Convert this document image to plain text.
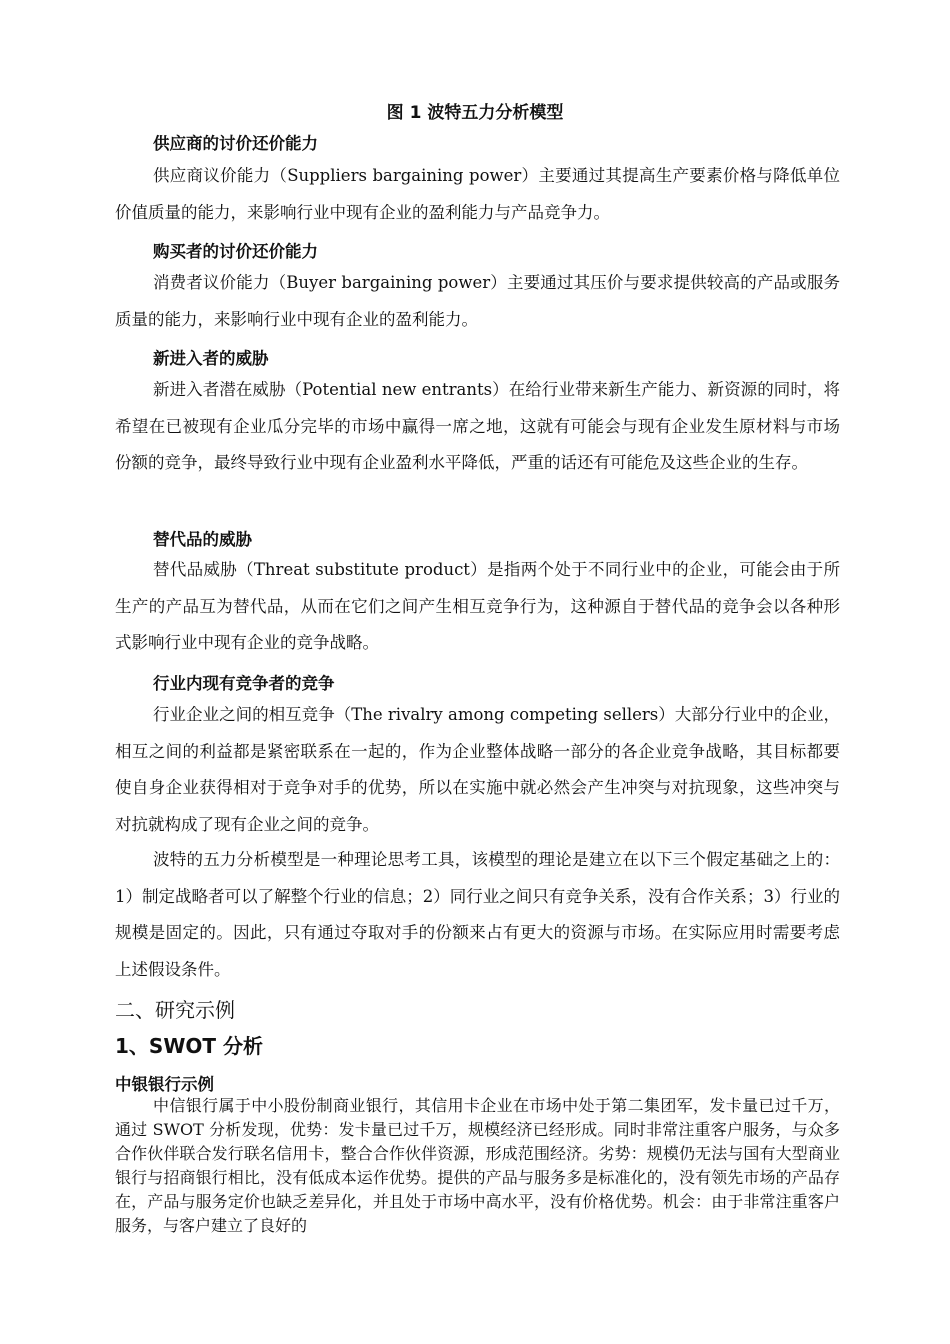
图 1 波特五力分析模型
供应商的讨价还价能力

供应商议价能力（Suppliers bargaining power）主要通过其提高生产要素价格与降低单位价值质量的能力，来影响行业中现有企业的盈利能力与产品竞争力。

购买者的讨价还价能力

消费者议价能力（Buyer bargaining power）主要通过其压价与要求提供较高的产品或服务质量的能力，来影响行业中现有企业的盈利能力。

新进入者的威胁

新进入者潜在威胁（Potential new entrants）在给行业带来新生产能力、新资源的同时，将希望在已被现有企业瓜分完毕的市场中赢得一席之地，这就有可能会与现有企业发生原材料与市场份额的竞争，最终导致行业中现有企业盈利水平降低，严重的话还有可能危及这些企业的生存。

替代品的威胁

替代品威胁（Threat substitute product）是指两个处于不同行业中的企业，可能会由于所生产的产品互为替代品，从而在它们之间产生相互竞争行为，这种源自于替代品的竞争会以各种形式影响行业中现有企业的竞争战略。

行业内现有竞争者的竞争

行业企业之间的相互竞争（The rivalry among competing sellers）大部分行业中的企业，相互之间的利益都是紧密联系在一起的，作为企业整体战略一部分的各企业竞争战略，其目标都要使自身企业获得相对于竞争对手的优势，所以在实施中就必然会产生冲突与对抗现象，这些冲突与对抗就构成了现有企业之间的竞争。

波特的五力分析模型是一种理论思考工具，该模型的理论是建立在以下三个假定基础之上的：1）制定战略者可以了解整个行业的信息；2）同行业之间只有竞争关系，没有合作关系；3）行业的规模是固定的。因此，只有通过夺取对手的份额来占有更大的资源与市场。在实际应用时需要考虑上述假设条件。

二、研究示例
1、SWOT 分析
中银银行示例

中信银行属于中小股份制商业银行，其信用卡企业在市场中处于第二集团军，发卡量已过千万，通过 SWOT 分析发现，优势：发卡量已过千万，规模经济已经形成。同时非常注重客户服务，与众多合作伙伴联合发行联名信用卡，整合合作伙伴资源，形成范围经济。劣势：规模仍无法与国有大型商业银行与招商银行相比，没有低成本运作优势。提供的产品与服务多是标准化的，没有领先市场的产品存在，产品与服务定价也缺乏差异化，并且处于市场中高水平，没有价格优势。机会：由于非常注重客户服务，与客户建立了良好的
